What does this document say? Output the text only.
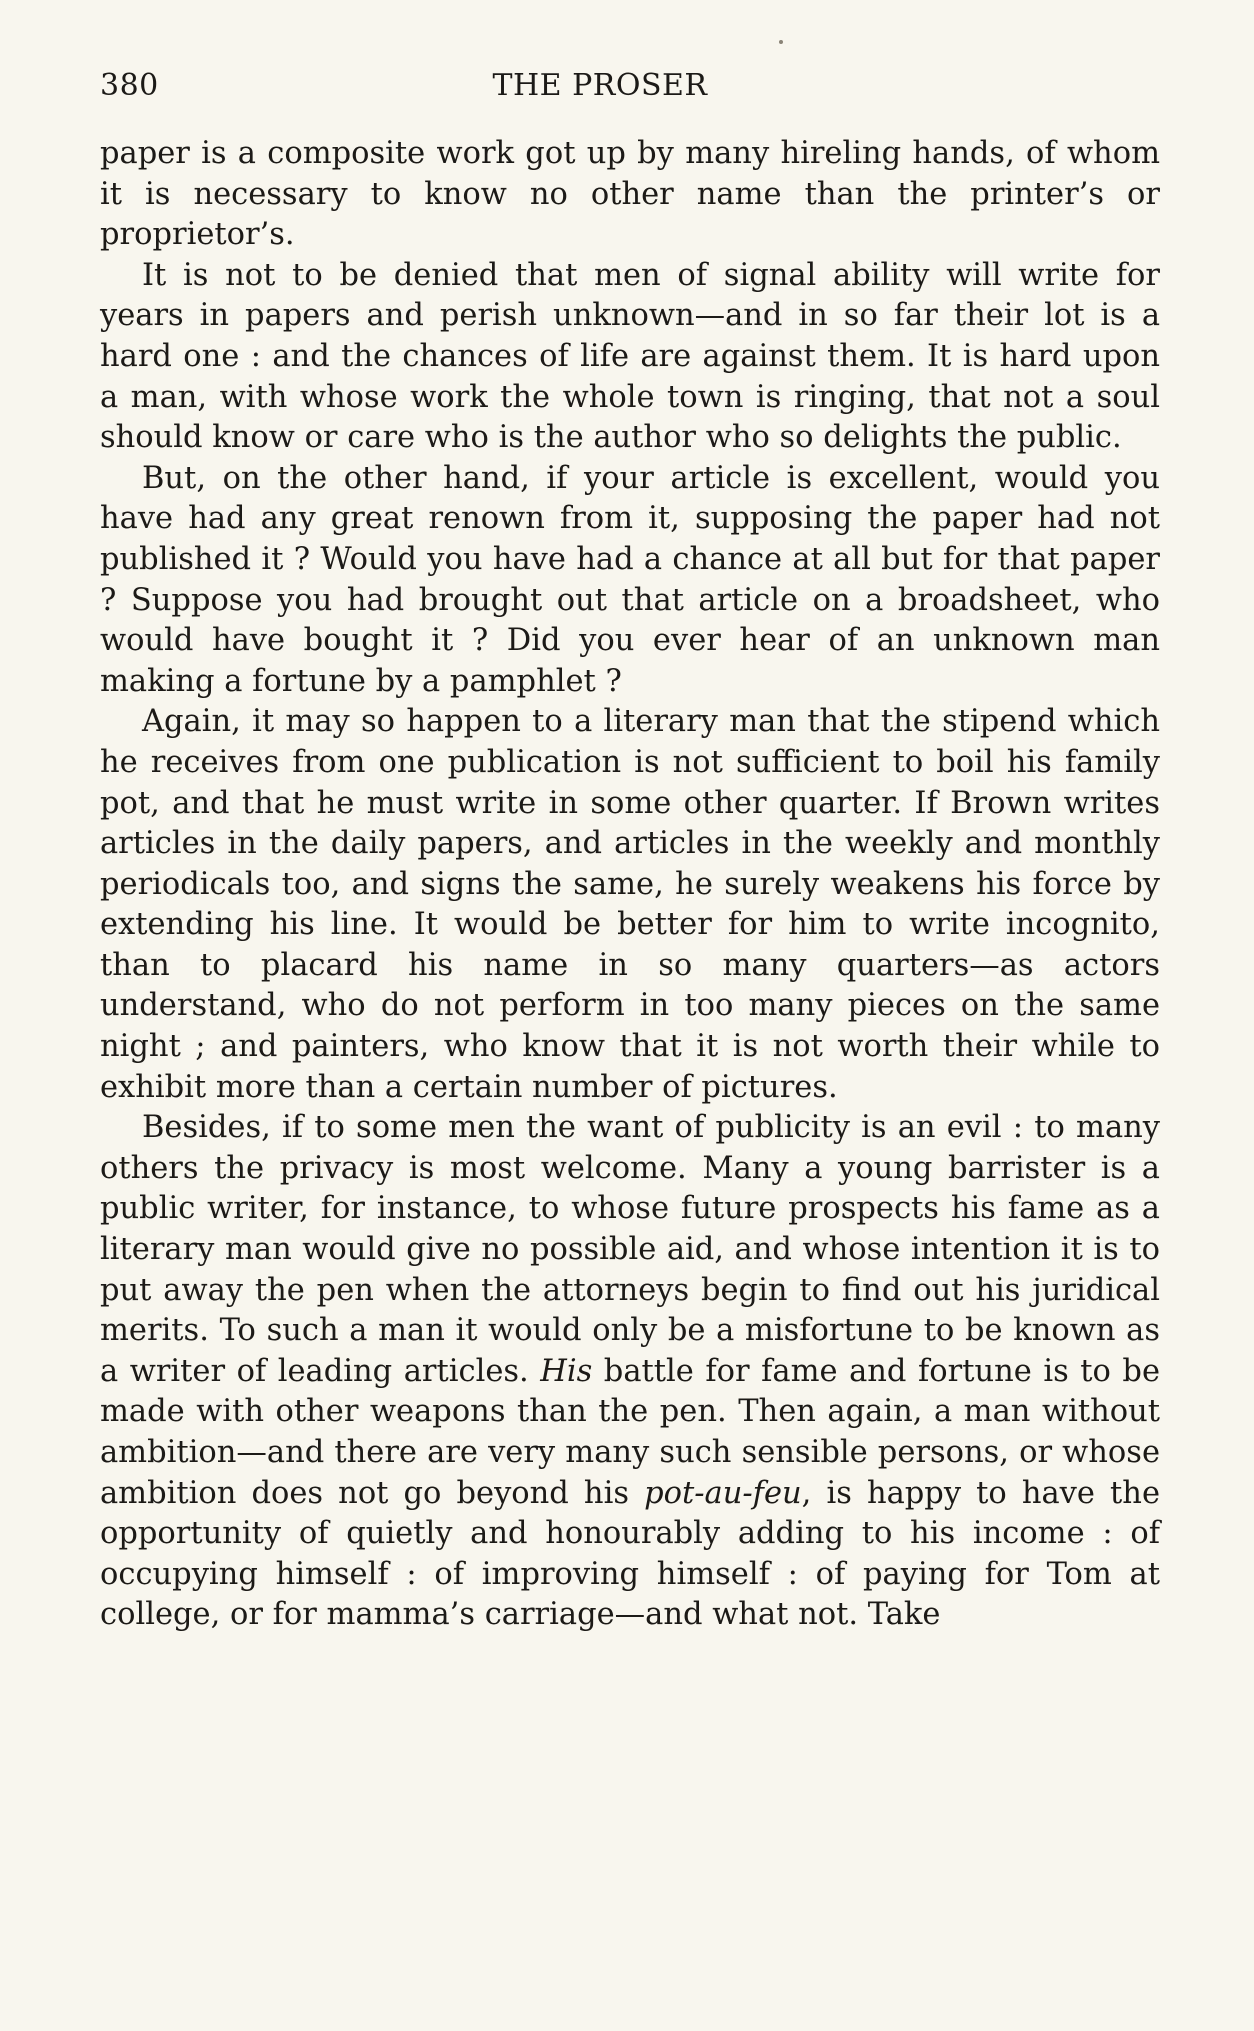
380	THE PROSER

paper is a composite work got up by many hireling hands, of whom it is necessary to know no other name than the printer’s or proprietor’s.

It is not to be denied that men of signal ability will write for years in papers and perish unknown—and in so far their lot is a hard one : and the chances of life are against them. It is hard upon a man, with whose work the whole town is ringing, that not a soul should know or care who is the author who so delights the public.

But, on the other hand, if your article is excellent, would you have had any great renown from it, supposing the paper had not published it ? Would you have had a chance at all but for that paper ? Suppose you had brought out that article on a broadsheet, who would have bought it ? Did you ever hear of an unknown man making a fortune by a pamphlet ?

Again, it may so happen to a literary man that the stipend which he receives from one publication is not sufficient to boil his family pot, and that he must write in some other quarter. If Brown writes articles in the daily papers, and articles in the weekly and monthly periodicals too, and signs the same, he surely weakens his force by extending his line. It would be better for him to write incognito, than to placard his name in so many quarters—as actors understand, who do not perform in too many pieces on the same night ; and painters, who know that it is not worth their while to exhibit more than a certain number of pictures.

Besides, if to some men the want of publicity is an evil : to many others the privacy is most welcome. Many a young barrister is a public writer, for instance, to whose future prospects his fame as a literary man would give no possible aid, and whose intention it is to put away the pen when the attorneys begin to find out his juridical merits. To such a man it would only be a misfortune to be known as a writer of leading articles. His battle for fame and fortune is to be made with other weapons than the pen. Then again, a man without ambition—and there are very many such sensible persons, or whose ambition does not go beyond his pot-au-feu, is happy to have the opportunity of quietly and honourably adding to his income : of occupying himself : of improving himself : of paying for Tom at college, or for mamma’s carriage—and what not. Take
